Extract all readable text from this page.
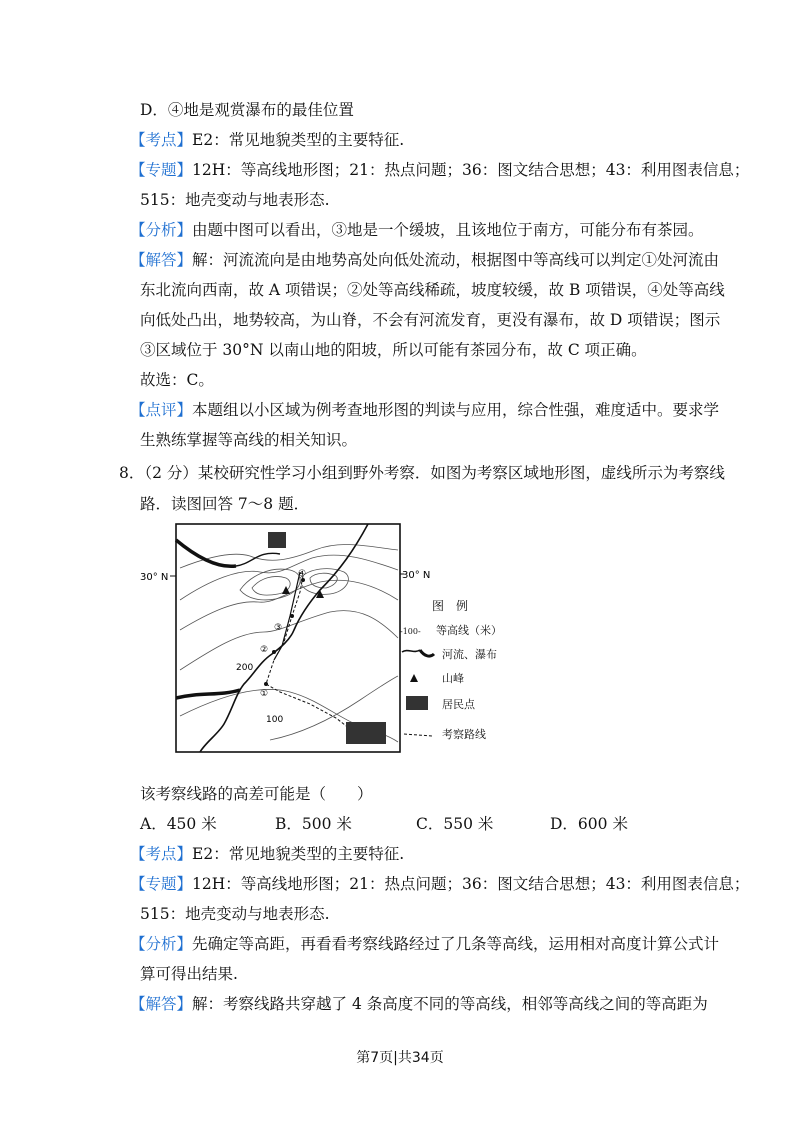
D．④地是观赏瀑布的最佳位置
【考点】E2：常见地貌类型的主要特征.
【专题】12H：等高线地形图；21：热点问题；36：图文结合思想；43：利用图表信息；
515：地壳变动与地表形态.
【分析】由题中图可以看出，③地是一个缓坡，且该地位于南方，可能分布有茶园。
【解答】解：河流流向是由地势高处向低处流动，根据图中等高线可以判定①处河流由
东北流向西南，故 A 项错误；②处等高线稀疏，坡度较缓，故 B 项错误，④处等高线
向低处凸出，地势较高，为山脊，不会有河流发育，更没有瀑布，故 D 项错误；图示
③区域位于 30°N 以南山地的阳坡，所以可能有茶园分布，故 C 项正确。
故选：C。
【点评】本题组以小区域为例考查地形图的判读与应用，综合性强，难度适中。要求学
生熟练掌握等高线的相关知识。
8．（2 分）某校研究性学习小组到野外考察．如图为考察区域地形图，虚线所示为考察线
路．读图回答 7～8 题．
30° N	30° N
④
③
②
①
200
100
图　例
-100- 等高线（米）
河流、瀑布
山峰
居民点
考察路线
该考察线路的高差可能是（　　）
A．450 米	B．500 米	C．550 米	D．600 米
【考点】E2：常见地貌类型的主要特征.
【专题】12H：等高线地形图；21：热点问题；36：图文结合思想；43：利用图表信息；
515：地壳变动与地表形态.
【分析】先确定等高距，再看看考察线路经过了几条等高线，运用相对高度计算公式计
算可得出结果.
【解答】解：考察线路共穿越了 4 条高度不同的等高线，相邻等高线之间的等高距为
第7页|共34页
